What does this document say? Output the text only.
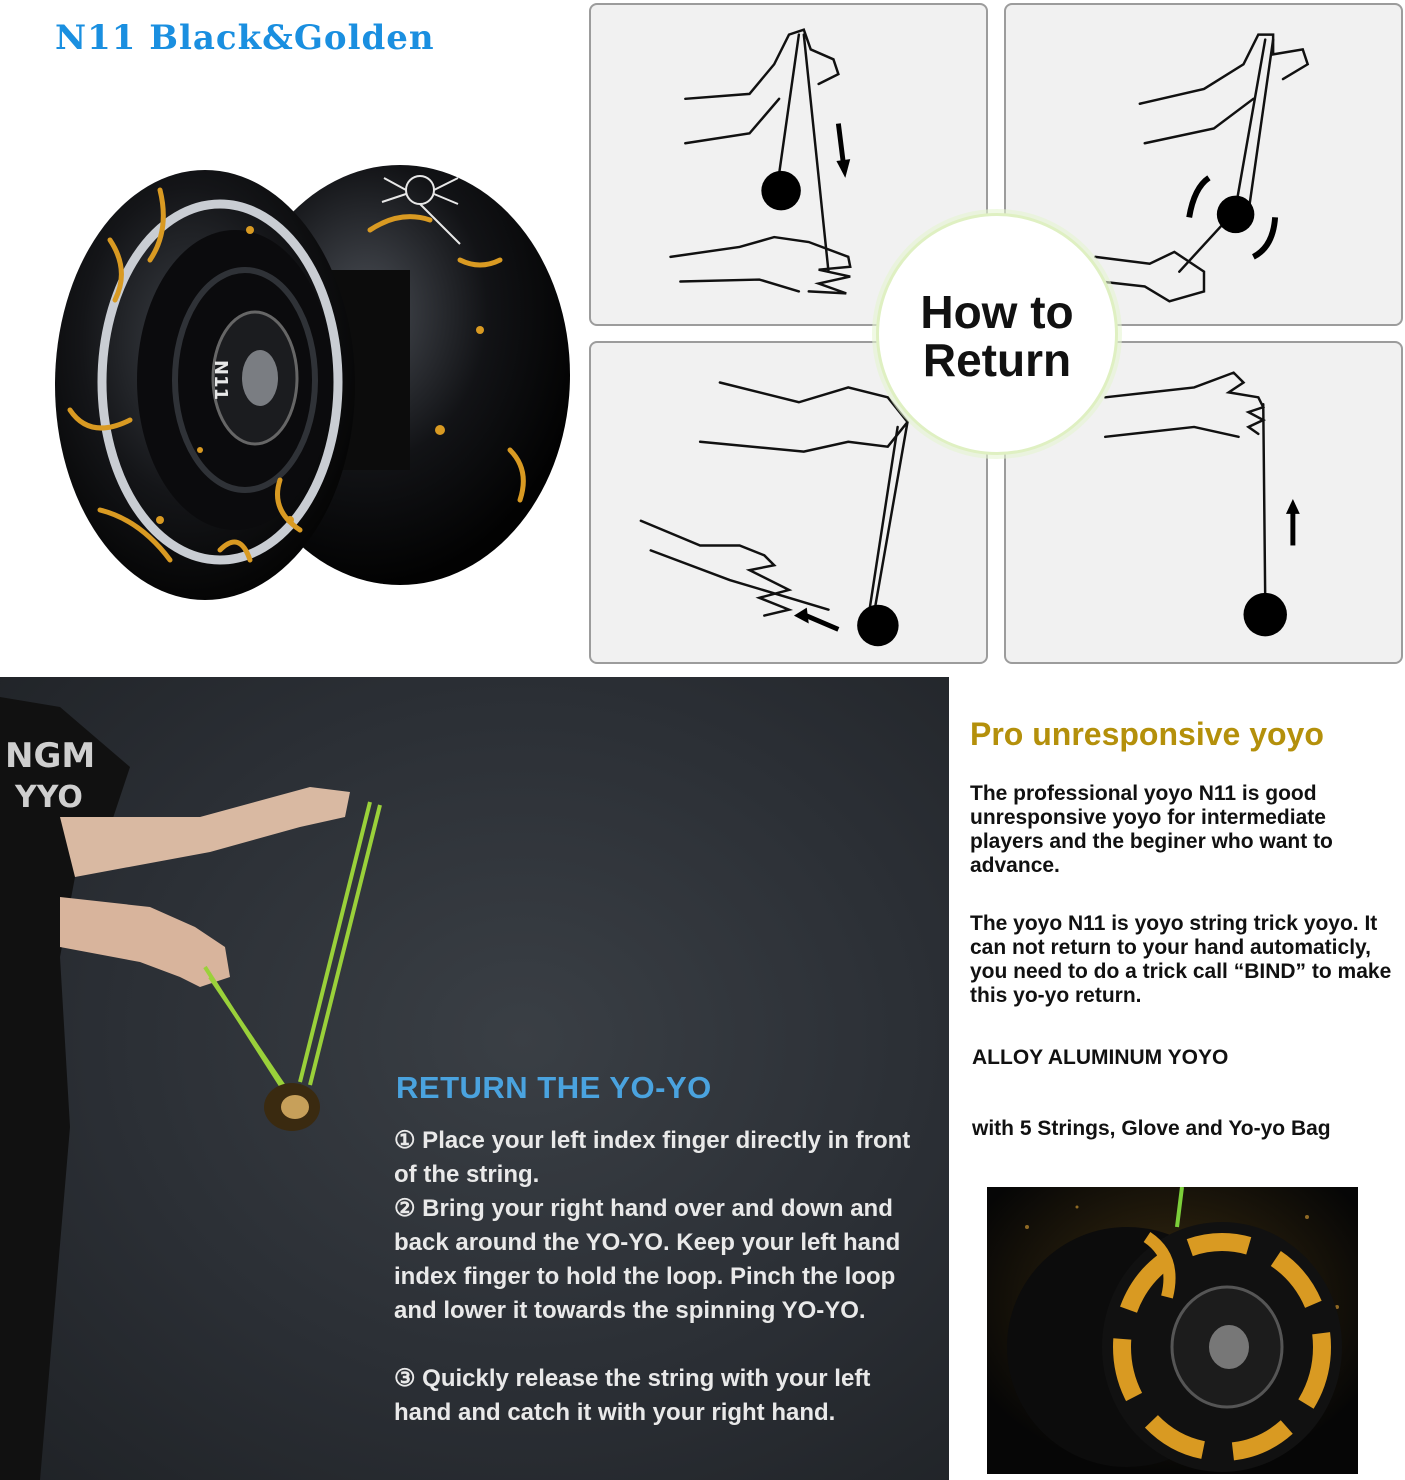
N11 Black&Golden
N11
How to
Return
NGM
YYO
RETURN THE YO-YO
① Place your left index finger directly in front of the string.
② Bring your right hand over and down and back around the YO-YO. Keep your left hand index finger to hold the loop. Pinch the loop and lower it towards the spinning YO-YO.
③ Quickly release the string with your left hand and catch it with your right hand.
Pro unresponsive yoyo
The professional yoyo N11 is good unresponsive yoyo for intermediate players and the beginer who want to advance.
The yoyo N11 is yoyo string trick yoyo. It can not return to your hand automaticly, you need to do a trick call “BIND” to make this yo-yo return.
ALLOY ALUMINUM YOYO
with 5 Strings, Glove and Yo-yo Bag
